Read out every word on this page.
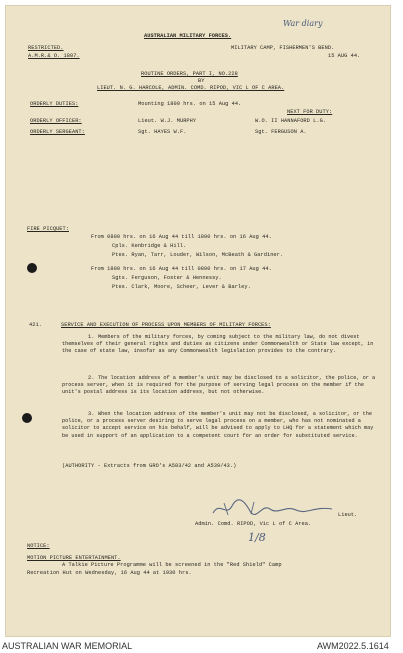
War diary
AUSTRALIAN MILITARY FORCES.
RESTRICTED.
A.M.R.& O. 1807.
MILITARY CAMP, FISHERMEN'S BEND.
15 AUG 44.
ROUTINE ORDERS, PART I, NO.228
BY
LIEUT. N. G. HARCOLE, ADMIN. COMD. RIPOD, VIC L OF C AREA.
ORDERLY DUTIES:	Mounting 1800 hrs. on 15 Aug 44.
NEXT FOR DUTY:
ORDERLY OFFICER:	Lieut. W.J. MURPHY	W.O. II HANNAFORD L.G.
ORDERLY SERGEANT:	Sgt. HAYES W.F.	Sgt. FERGUSON A.
FIRE PICQUET:
From 0800 hrs. on 16 Aug 44 till 1800 hrs. on 16 Aug 44.
Cpls. Kenbridge & Hill.
Ptes. Ryan, Tarr, Louder, Wilson, McBeath & Gardiner.
From 1800 hrs. on 16 Aug 44 till 0800 hrs. on 17 Aug 44.
Sgts. Ferguson, Foster & Hennessy.
Ptes. Clark, Moore, Scheer, Lever & Barley.
421.	SERVICE AND EXECUTION OF PROCESS UPON MEMBERS OF MILITARY FORCES:
1. Members of the military forces, by coming subject to the military law, do not divest themselves of their general rights and duties as citizens under Commonwealth or State law except, in the case of state law, insofar as any Commonwealth legislation provides to the contrary.
2. The location address of a member's unit may be disclosed to a solicitor, the police, or a process server, when it is required for the purpose of serving legal process on the member if the unit's postal address is its location address, but not otherwise.
3. When the location address of the member's unit may not be disclosed, a solicitor, or the police, or a process server desiring to serve legal process on a member, who has not nominated a solicitor to accept service on his behalf, will be advised to apply to LHQ for a statement which may be used in support of an application to a competent court for an order for substituted service.
(AUTHORITY - Extracts from GRO's A583/42 and A539/43.)
Lieut.
Admin. Comd. RIPOD, Vic L of C Area.
1/8
NOTICE:
MOTION PICTURE ENTERTAINMENT.
A Talkie Picture Programme will be screened in the "Red Shield" Camp
Recreation Hut on Wednesday, 16 Aug 44 at 1930 hrs.
AUSTRALIAN WAR MEMORIAL	AWM2022.5.1614
